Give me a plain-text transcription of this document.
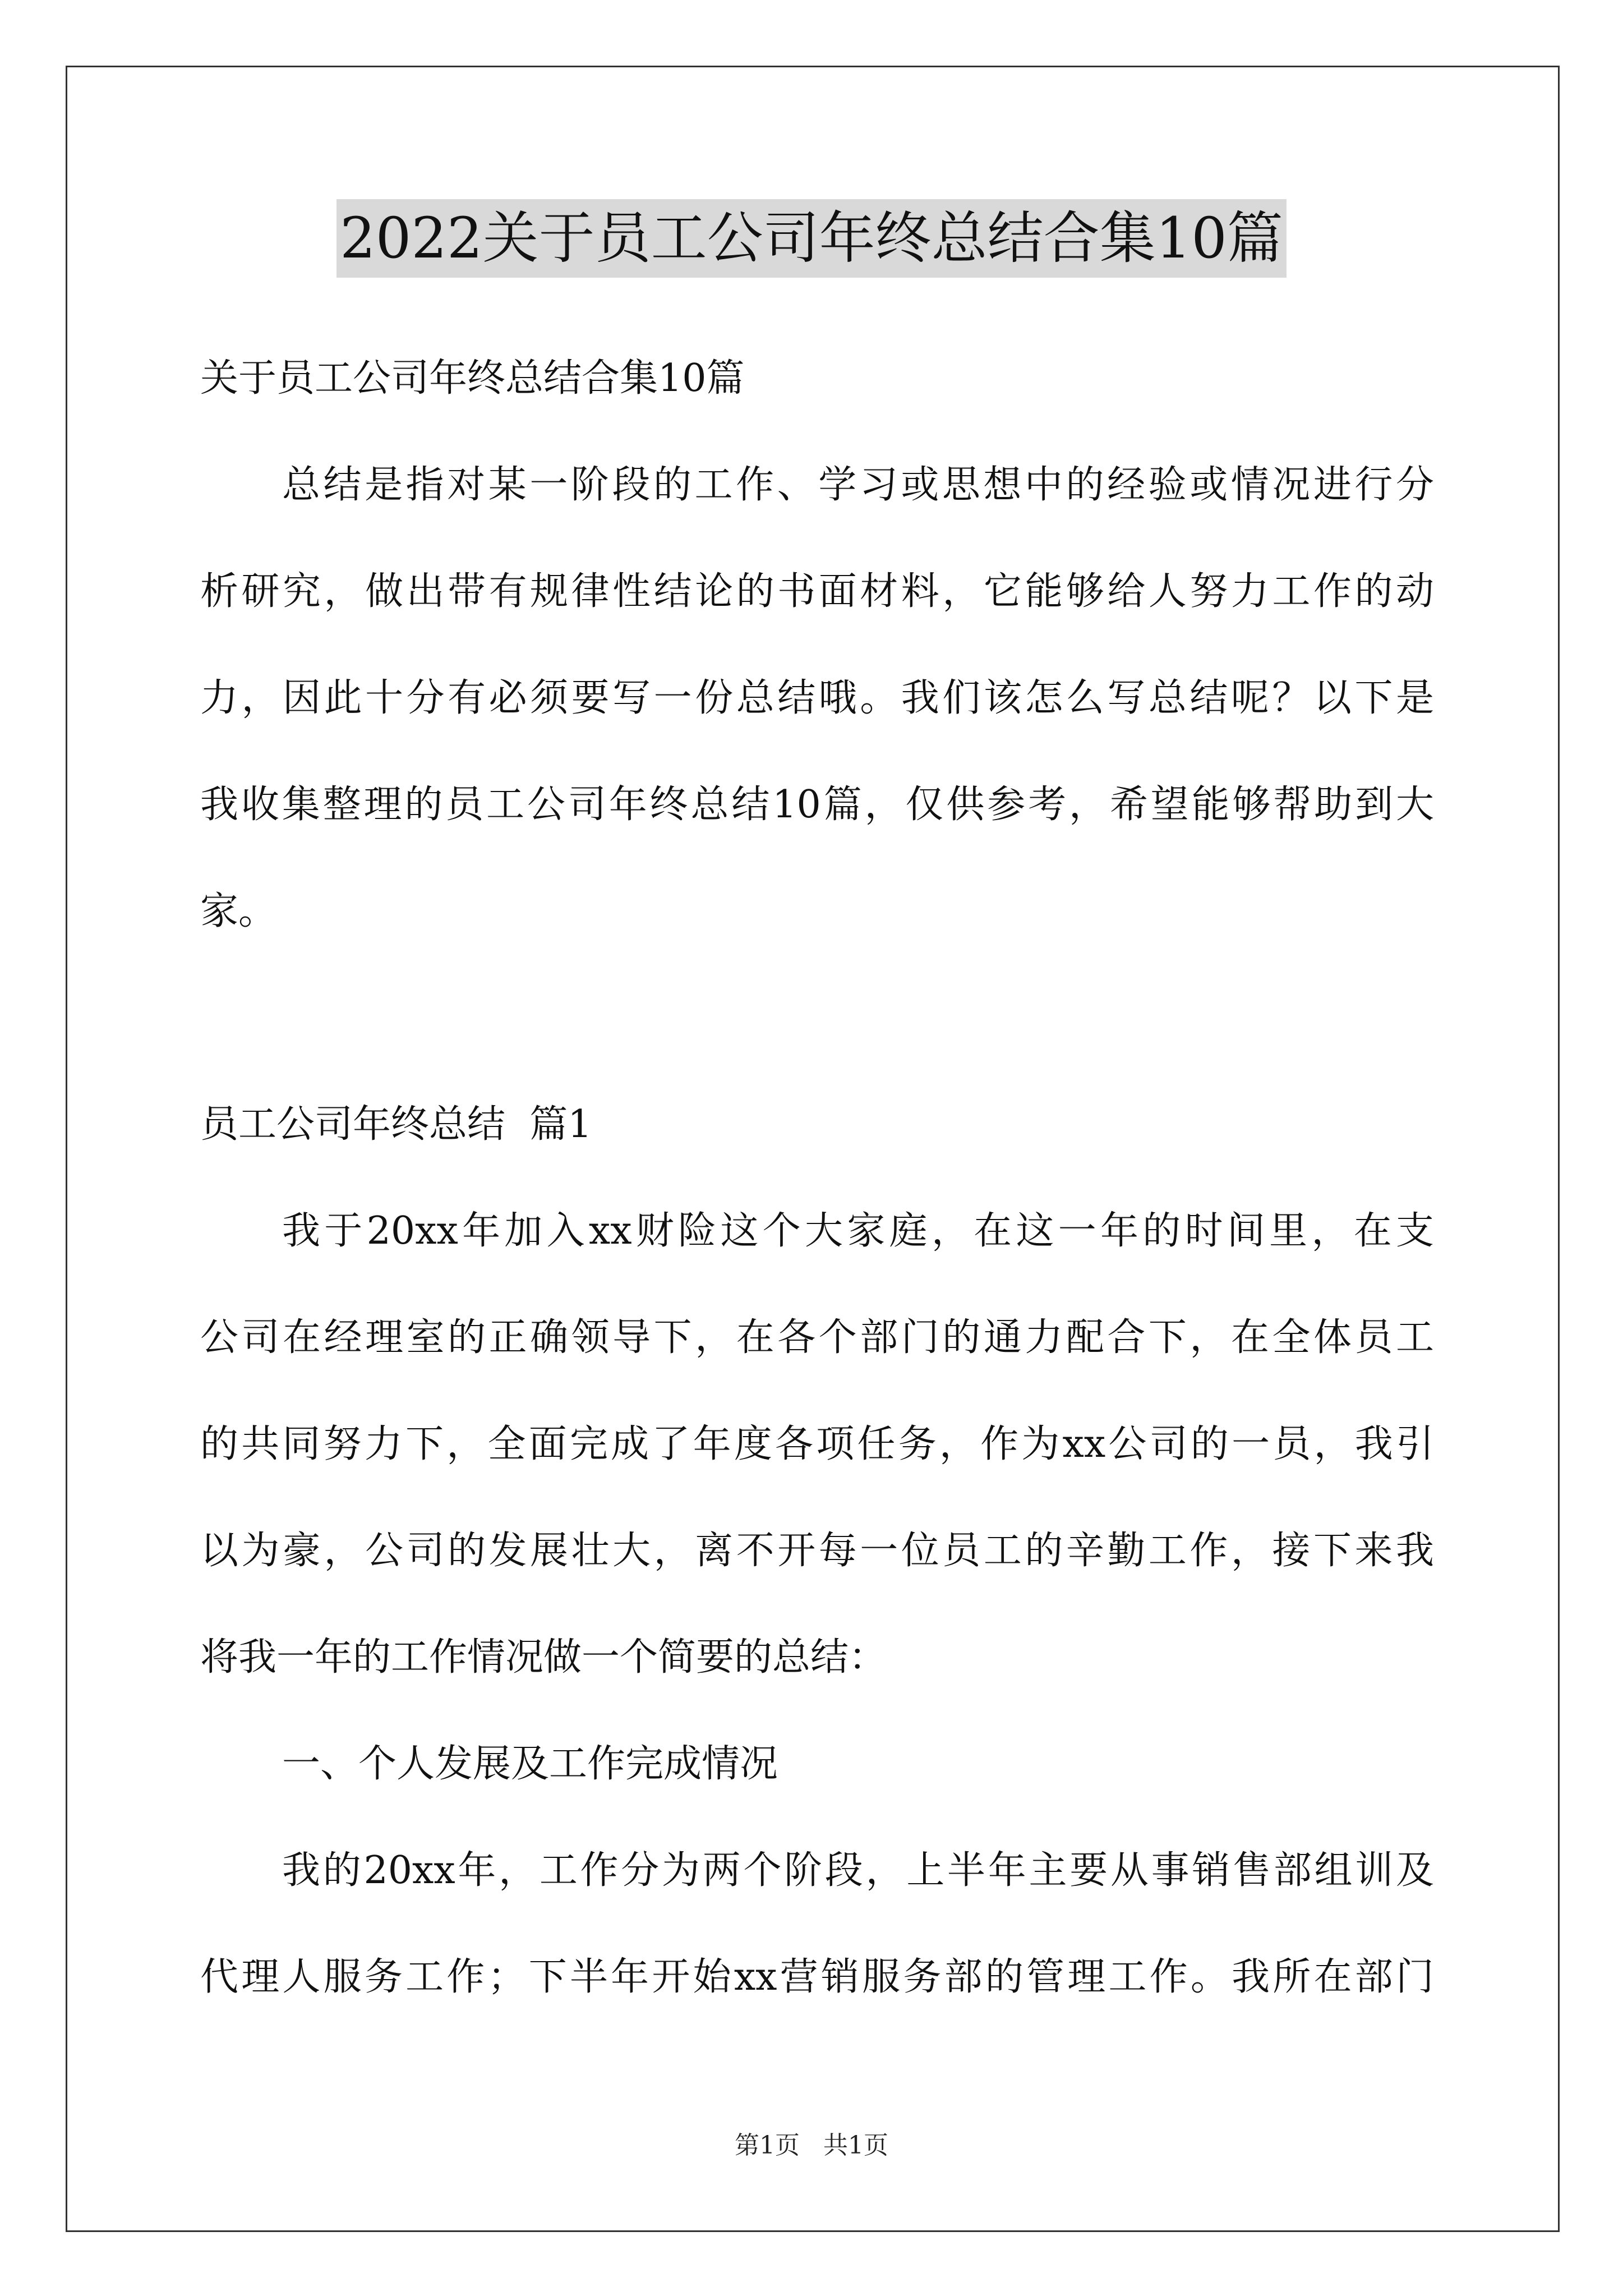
2022关于员工公司年终总结合集10篇
关于员工公司年终总结合集10篇
总结是指对某一阶段的工作、学习或思想中的经验或情况进行分
析研究，做出带有规律性结论的书面材料，它能够给人努力工作的动
力，因此十分有必须要写一份总结哦。我们该怎么写总结呢？以下是
我收集整理的员工公司年终总结10篇，仅供参考，希望能够帮助到大
家。
员工公司年终总结  篇1
我于20xx年加入xx财险这个大家庭，在这一年的时间里，在支
公司在经理室的正确领导下，在各个部门的通力配合下，在全体员工
的共同努力下，全面完成了年度各项任务，作为xx公司的一员，我引
以为豪，公司的发展壮大，离不开每一位员工的辛勤工作，接下来我
将我一年的工作情况做一个简要的总结：
一、个人发展及工作完成情况
我的20xx年，工作分为两个阶段，上半年主要从事销售部组训及
代理人服务工作；下半年开始xx营销服务部的管理工作。我所在部门
第1页   共1页
